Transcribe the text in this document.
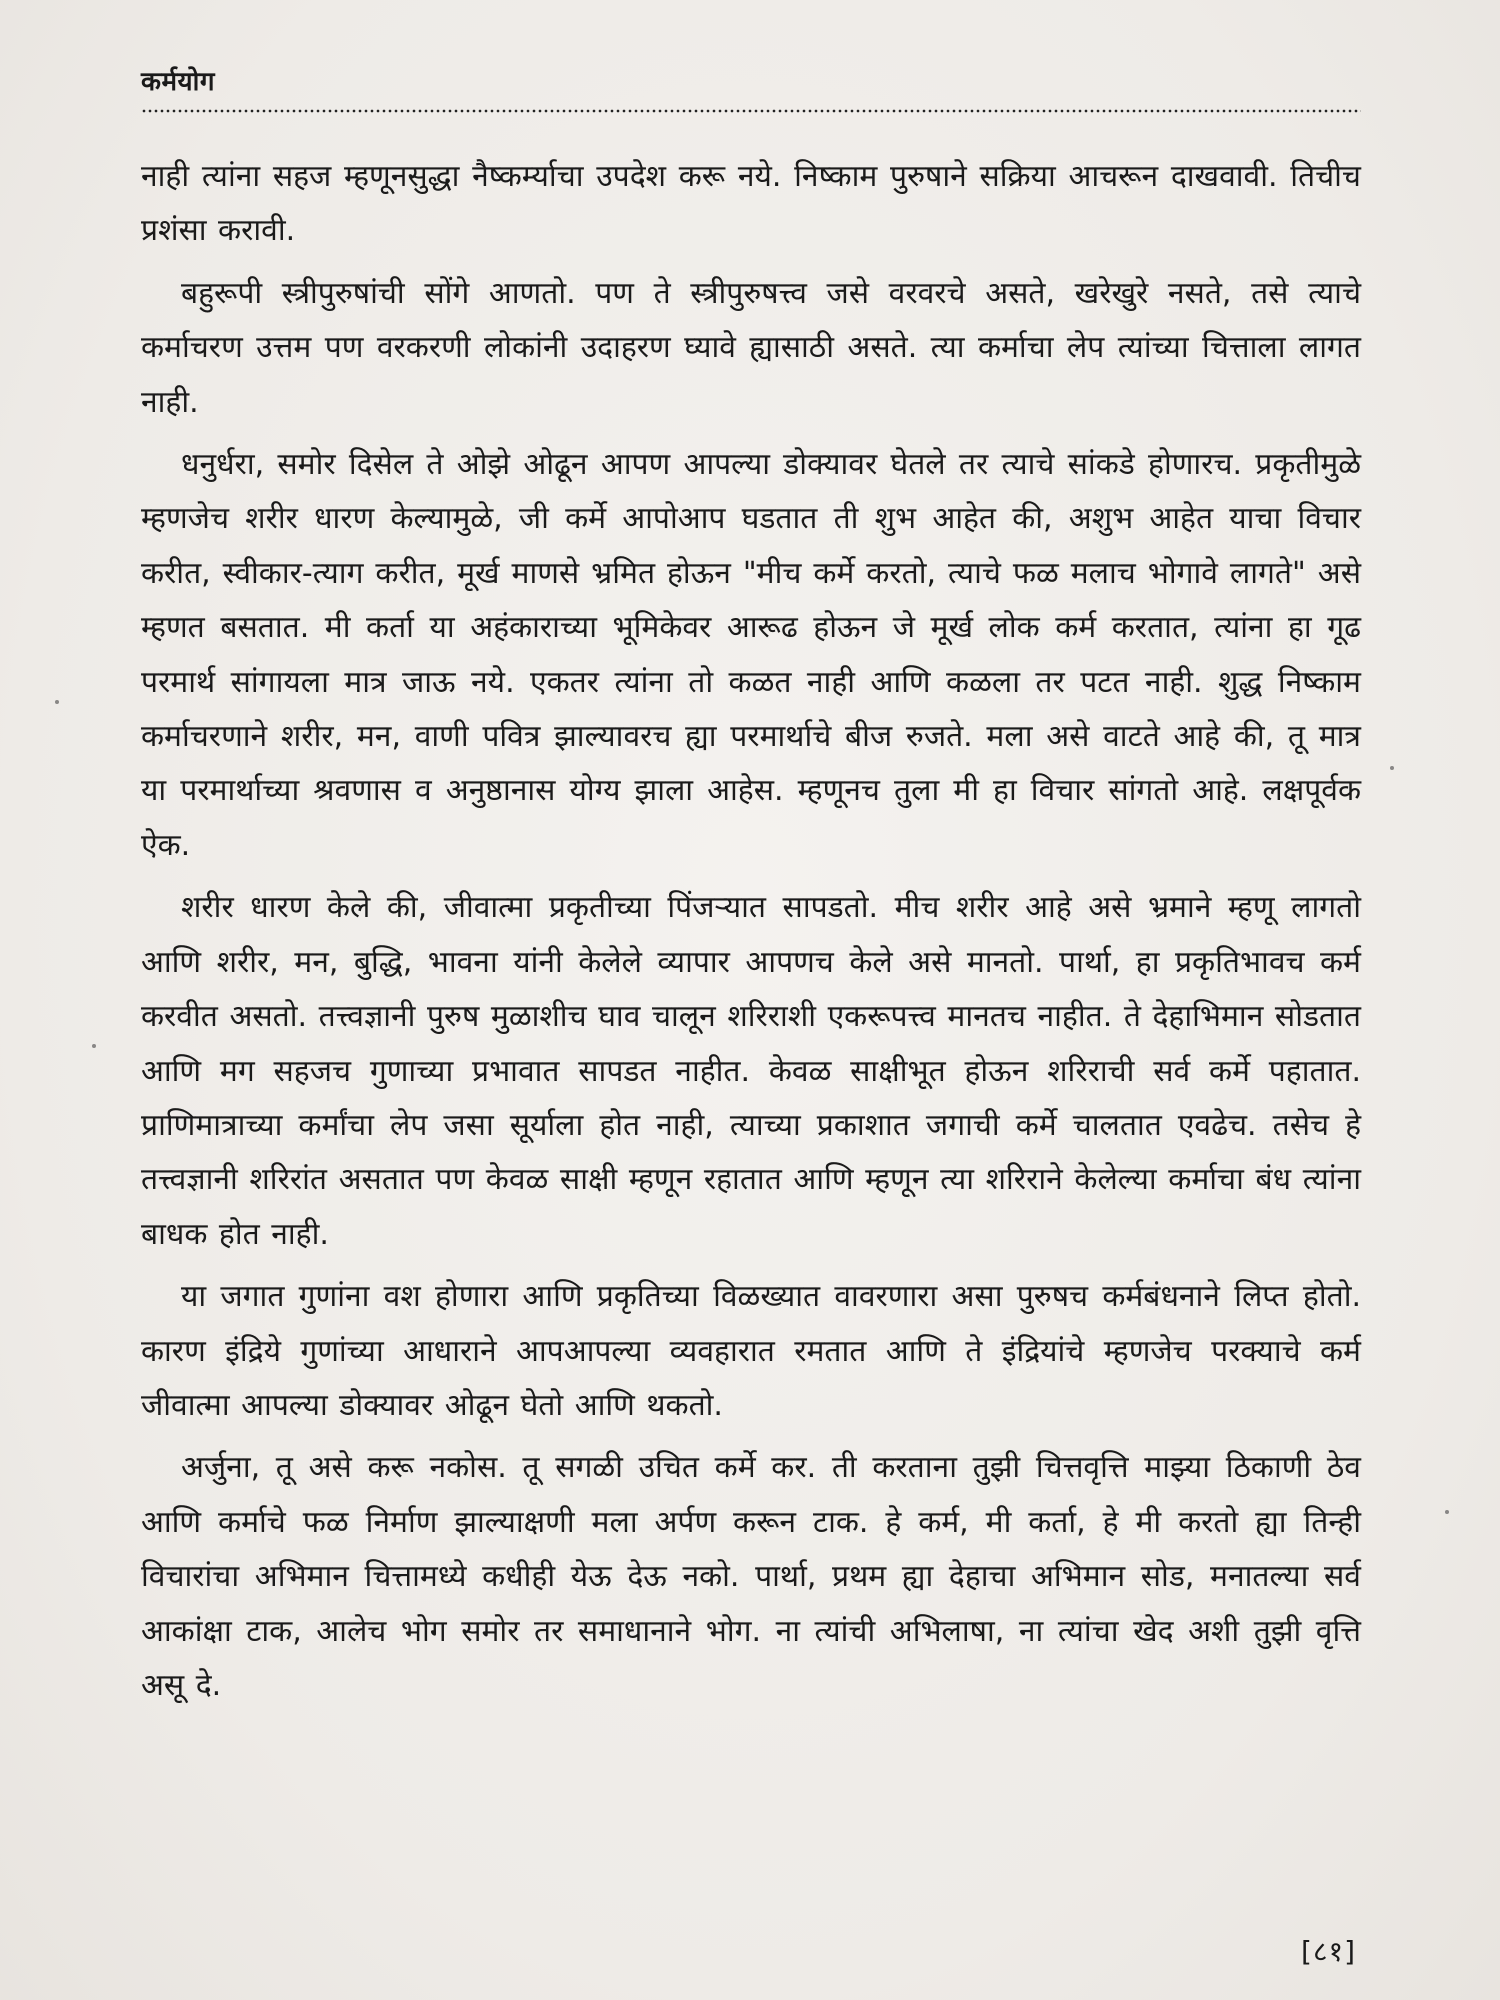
कर्मयोग

नाही त्यांना सहज म्हणूनसुद्धा नैष्कर्म्याचा उपदेश करू नये. निष्काम पुरुषाने सक्रिया आचरून दाखवावी. तिचीच प्रशंसा करावी.

बहुरूपी स्त्रीपुरुषांची सोंगे आणतो. पण ते स्त्रीपुरुषत्त्व जसे वरवरचे असते, खरेखुरे नसते, तसे त्याचे कर्माचरण उत्तम पण वरकरणी लोकांनी उदाहरण घ्यावे ह्यासाठी असते. त्या कर्माचा लेप त्यांच्या चित्ताला लागत नाही.

धनुर्धरा, समोर दिसेल ते ओझे ओढून आपण आपल्या डोक्यावर घेतले तर त्याचे सांकडे होणारच. प्रकृतीमुळे म्हणजेच शरीर धारण केल्यामुळे, जी कर्मे आपोआप घडतात ती शुभ आहेत की, अशुभ आहेत याचा विचार करीत, स्वीकार-त्याग करीत, मूर्ख माणसे भ्रमित होऊन "मीच कर्मे करतो, त्याचे फळ मलाच भोगावे लागते" असे म्हणत बसतात. मी कर्ता या अहंकाराच्या भूमिकेवर आरूढ होऊन जे मूर्ख लोक कर्म करतात, त्यांना हा गूढ परमार्थ सांगायला मात्र जाऊ नये. एकतर त्यांना तो कळत नाही आणि कळला तर पटत नाही. शुद्ध निष्काम कर्माचरणाने शरीर, मन, वाणी पवित्र झाल्यावरच ह्या परमार्थाचे बीज रुजते. मला असे वाटते आहे की, तू मात्र या परमार्थाच्या श्रवणास व अनुष्ठानास योग्य झाला आहेस. म्हणूनच तुला मी हा विचार सांगतो आहे. लक्षपूर्वक ऐक.

शरीर धारण केले की, जीवात्मा प्रकृतीच्या पिंजऱ्यात सापडतो. मीच शरीर आहे असे भ्रमाने म्हणू लागतो आणि शरीर, मन, बुद्धि, भावना यांनी केलेले व्यापार आपणच केले असे मानतो. पार्था, हा प्रकृतिभावच कर्म करवीत असतो. तत्त्वज्ञानी पुरुष मुळाशीच घाव चालून शरिराशी एकरूपत्त्व मानतच नाहीत. ते देहाभिमान सोडतात आणि मग सहजच गुणाच्या प्रभावात सापडत नाहीत. केवळ साक्षीभूत होऊन शरिराची सर्व कर्मे पहातात. प्राणिमात्राच्या कर्मांचा लेप जसा सूर्याला होत नाही, त्याच्या प्रकाशात जगाची कर्मे चालतात एवढेच. तसेच हे तत्त्वज्ञानी शरिरांत असतात पण केवळ साक्षी म्हणून रहातात आणि म्हणून त्या शरिराने केलेल्या कर्माचा बंध त्यांना बाधक होत नाही.

या जगात गुणांना वश होणारा आणि प्रकृतिच्या विळख्यात वावरणारा असा पुरुषच कर्मबंधनाने लिप्त होतो. कारण इंद्रिये गुणांच्या आधाराने आपआपल्या व्यवहारात रमतात आणि ते इंद्रियांचे म्हणजेच परक्याचे कर्म जीवात्मा आपल्या डोक्यावर ओढून घेतो आणि थकतो.

अर्जुना, तू असे करू नकोस. तू सगळी उचित कर्मे कर. ती करताना तुझी चित्तवृत्ति माझ्या ठिकाणी ठेव आणि कर्माचे फळ निर्माण झाल्याक्षणी मला अर्पण करून टाक. हे कर्म, मी कर्ता, हे मी करतो ह्या तिन्ही विचारांचा अभिमान चित्तामध्ये कधीही येऊ देऊ नको. पार्था, प्रथम ह्या देहाचा अभिमान सोड, मनातल्या सर्व आकांक्षा टाक, आलेच भोग समोर तर समाधानाने भोग. ना त्यांची अभिलाषा, ना त्यांचा खेद अशी तुझी वृत्ति असू दे.

[८१]
